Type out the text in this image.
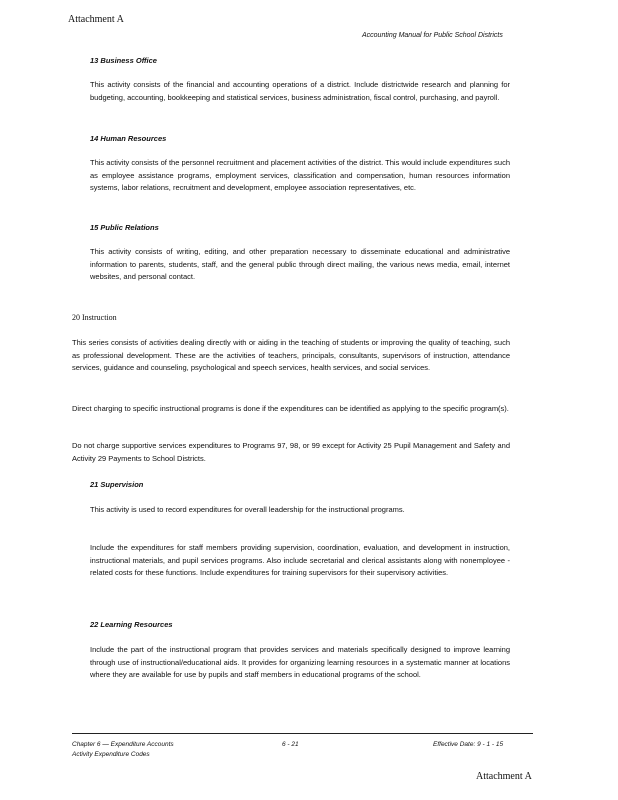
Attachment A
Accounting Manual for Public School Districts
13 Business Office

This activity consists of the financial and accounting operations of a district. Include districtwide research and planning for budgeting, accounting, bookkeeping and statistical services, business administration, fiscal control, purchasing, and payroll.

14 Human Resources

This activity consists of the personnel recruitment and placement activities of the district. This would include expenditures such as employee assistance programs, employment services, classification and compensation, human resources information systems, labor relations, recruitment and development, employee association representatives, etc.

15 Public Relations

This activity consists of writing, editing, and other preparation necessary to disseminate educational and administrative information to parents, students, staff, and the general public through direct mailing, the various news media, email, internet websites, and personal contact.

20 Instruction

This series consists of activities dealing directly with or aiding in the teaching of students or improving the quality of teaching, such as professional development. These are the activities of teachers, principals, consultants, supervisors of instruction, attendance services, guidance and counseling, psychological and speech services, health services, and social services.

Direct charging to specific instructional programs is done if the expenditures can be identified as applying to the specific program(s).

Do not charge supportive services expenditures to Programs 97, 98, or 99 except for Activity 25 Pupil Management and Safety and Activity 29 Payments to School Districts.

21 Supervision

This activity is used to record expenditures for overall leadership for the instructional programs.

Include the expenditures for staff members providing supervision, coordination, evaluation, and development in instruction, instructional materials, and pupil services programs. Also include secretarial and clerical assistants along with nonemployee -related costs for these functions. Include expenditures for training supervisors for their supervisory activities.

22 Learning Resources

Include the part of the instructional program that provides services and materials specifically designed to improve learning through use of instructional/educational aids. It provides for organizing learning resources in a systematic manner at locations where they are available for use by pupils and staff members in educational programs of the school.

Chapter 6 — Expenditure Accounts
Activity Expenditure Codes
6 - 21	Effective Date: 9 - 1 - 15
Attachment A
